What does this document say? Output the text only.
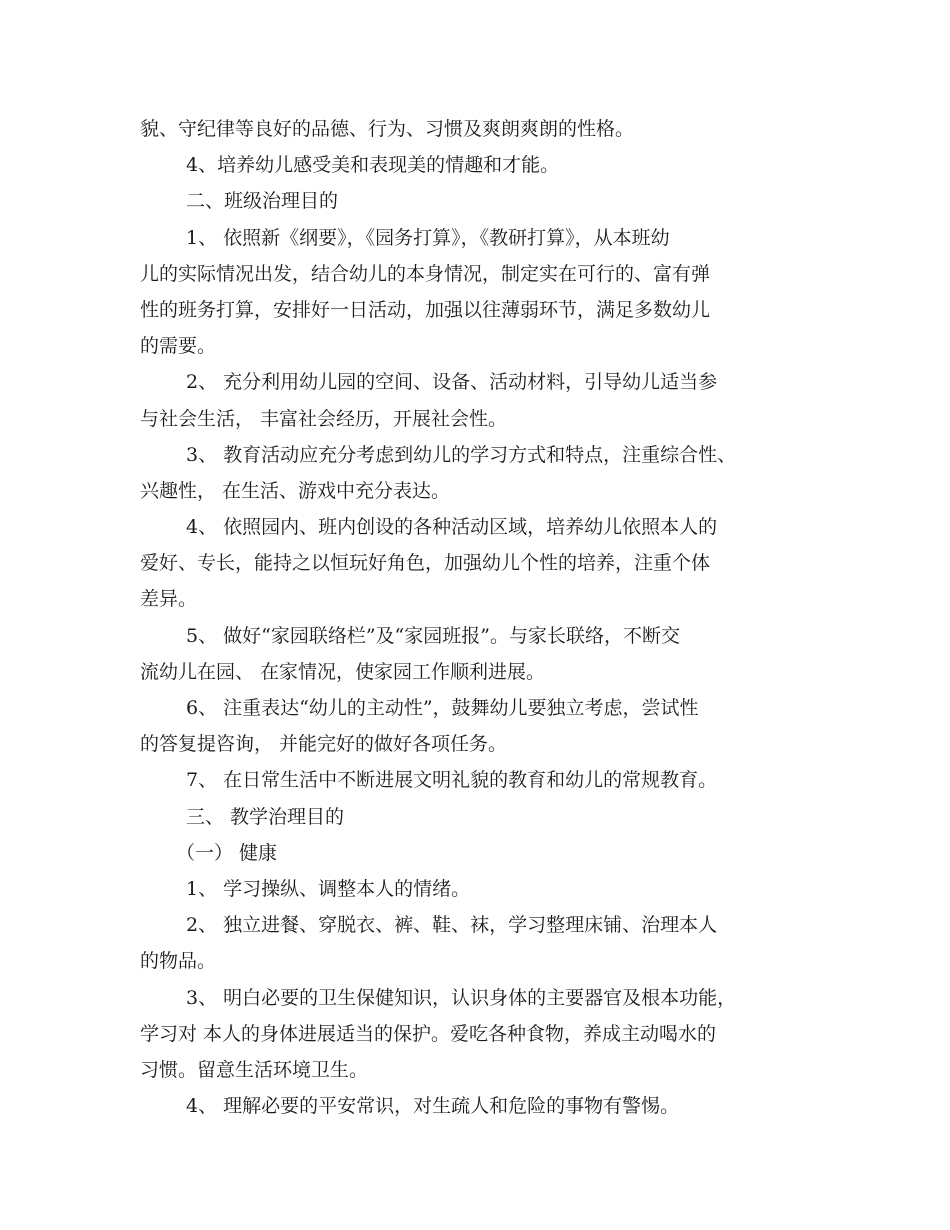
貌、守纪律等良好的品德、行为、习惯及爽朗爽朗的性格。
4、培养幼儿感受美和表现美的情趣和才能。
二、班级治理目的
1、 依照新《纲要》，《园务打算》，《教研打算》，从本班幼
儿的实际情况出发，结合幼儿的本身情况，制定实在可行的、富有弹
性的班务打算，安排好一日活动，加强以往薄弱环节，满足多数幼儿
的需要。
2、 充分利用幼儿园的空间、设备、活动材料，引导幼儿适当参
与社会生活， 丰富社会经历，开展社会性。
3、 教育活动应充分考虑到幼儿的学习方式和特点，注重综合性、
兴趣性， 在生活、游戏中充分表达。
4、 依照园内、班内创设的各种活动区域，培养幼儿依照本人的
爱好、专长，能持之以恒玩好角色，加强幼儿个性的培养，注重个体
差异。
5、 做好“家园联络栏”及“家园班报”。与家长联络，不断交
流幼儿在园、 在家情况，使家园工作顺利进展。
6、 注重表达“幼儿的主动性”，鼓舞幼儿要独立考虑，尝试性
的答复提咨询， 并能完好的做好各项任务。
7、 在日常生活中不断进展文明礼貌的教育和幼儿的常规教育。
三、 教学治理目的
（一） 健康
1、 学习操纵、调整本人的情绪。
2、 独立进餐、穿脱衣、裤、鞋、袜，学习整理床铺、治理本人
的物品。
3、 明白必要的卫生保健知识，认识身体的主要器官及根本功能，
学习对 本人的身体进展适当的保护。爱吃各种食物，养成主动喝水的
习惯。留意生活环境卫生。
4、 理解必要的平安常识，对生疏人和危险的事物有警惕。
